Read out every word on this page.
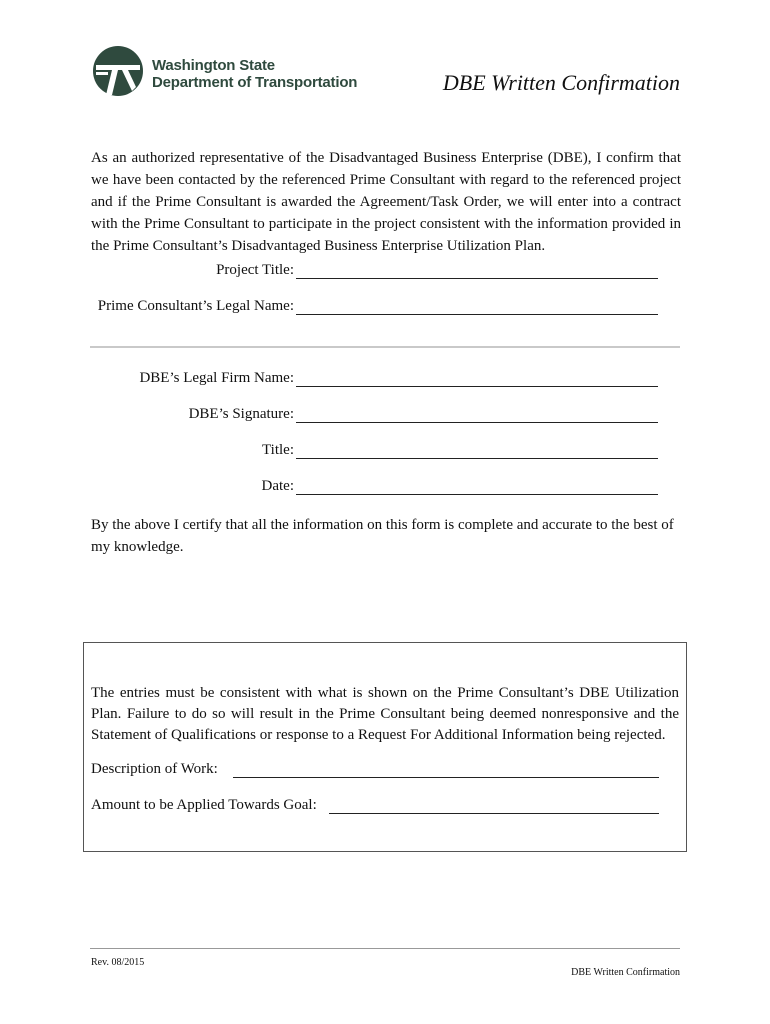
Washington State
Department of Transportation	DBE Written Confirmation
As an authorized representative of the Disadvantaged Business Enterprise (DBE), I confirm that we have been contacted by the referenced Prime Consultant with regard to the referenced project and if the Prime Consultant is awarded the Agreement/Task Order, we will enter into a contract with the Prime Consultant to participate in the project consistent with the information provided in the Prime Consultant’s Disadvantaged Business Enterprise Utilization Plan.
Project Title:
Prime Consultant’s Legal Name:
DBE’s Legal Firm Name:
DBE’s Signature:
Title:
Date:
By the above I certify that all the information on this form is complete and accurate to the best of my knowledge.
The entries must be consistent with what is shown on the Prime Consultant’s DBE Utilization Plan. Failure to do so will result in the Prime Consultant being deemed nonresponsive and the Statement of Qualifications or response to a Request For Additional Information being rejected.
Description of Work:
Amount to be Applied Towards Goal:
Rev. 08/2015
DBE Written Confirmation
